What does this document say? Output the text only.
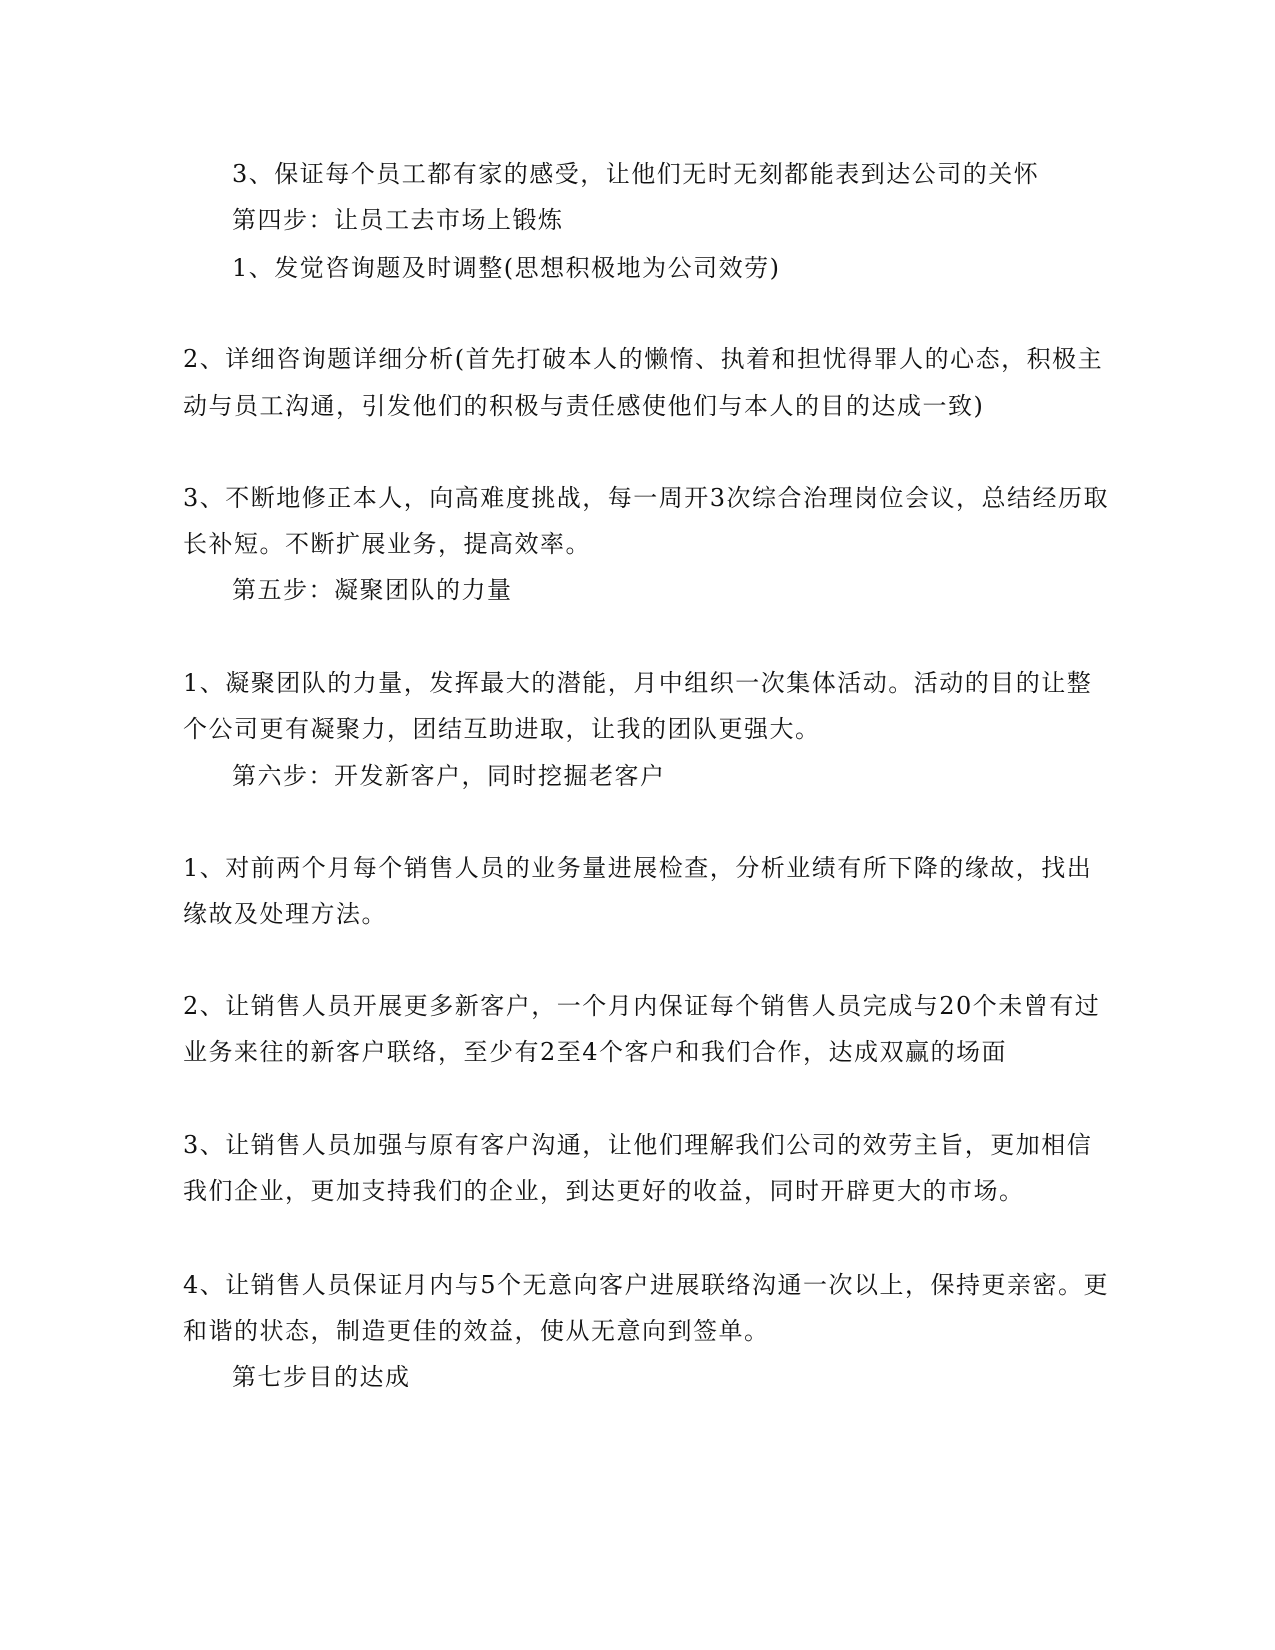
3、保证每个员工都有家的感受，让他们无时无刻都能表到达公司的关怀
第四步：让员工去市场上锻炼
1、发觉咨询题及时调整(思想积极地为公司效劳)
2、详细咨询题详细分析(首先打破本人的懒惰、执着和担忧得罪人的心态，积极主
动与员工沟通，引发他们的积极与责任感使他们与本人的目的达成一致)
3、不断地修正本人，向高难度挑战，每一周开3次综合治理岗位会议，总结经历取
长补短。不断扩展业务，提高效率。
第五步：凝聚团队的力量
1、凝聚团队的力量，发挥最大的潜能，月中组织一次集体活动。活动的目的让整
个公司更有凝聚力，团结互助进取，让我的团队更强大。
第六步：开发新客户，同时挖掘老客户
1、对前两个月每个销售人员的业务量进展检查，分析业绩有所下降的缘故，找出
缘故及处理方法。
2、让销售人员开展更多新客户，一个月内保证每个销售人员完成与20个未曾有过
业务来往的新客户联络，至少有2至4个客户和我们合作，达成双赢的场面
3、让销售人员加强与原有客户沟通，让他们理解我们公司的效劳主旨，更加相信
我们企业，更加支持我们的企业，到达更好的收益，同时开辟更大的市场。
4、让销售人员保证月内与5个无意向客户进展联络沟通一次以上，保持更亲密。更
和谐的状态，制造更佳的效益，使从无意向到签单。
第七步目的达成
